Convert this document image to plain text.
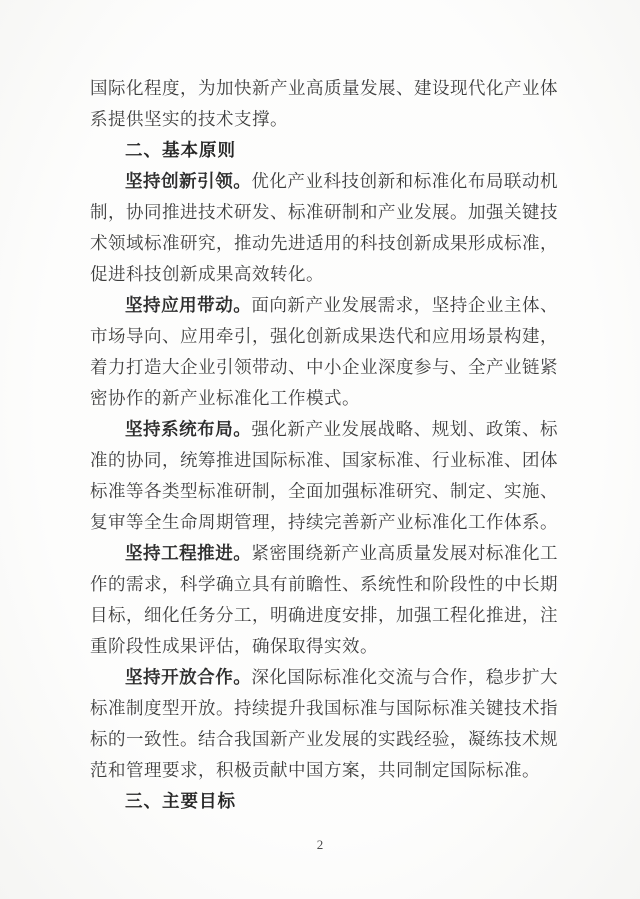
国际化程度，为加快新产业高质量发展、建设现代化产业体系提供坚实的技术支撑。

二、基本原则

坚持创新引领。优化产业科技创新和标准化布局联动机制，协同推进技术研发、标准研制和产业发展。加强关键技术领域标准研究，推动先进适用的科技创新成果形成标准，促进科技创新成果高效转化。

坚持应用带动。面向新产业发展需求，坚持企业主体、市场导向、应用牵引，强化创新成果迭代和应用场景构建，着力打造大企业引领带动、中小企业深度参与、全产业链紧密协作的新产业标准化工作模式。

坚持系统布局。强化新产业发展战略、规划、政策、标准的协同，统筹推进国际标准、国家标准、行业标准、团体标准等各类型标准研制，全面加强标准研究、制定、实施、复审等全生命周期管理，持续完善新产业标准化工作体系。

坚持工程推进。紧密围绕新产业高质量发展对标准化工作的需求，科学确立具有前瞻性、系统性和阶段性的中长期目标，细化任务分工，明确进度安排，加强工程化推进，注重阶段性成果评估，确保取得实效。

坚持开放合作。深化国际标准化交流与合作，稳步扩大标准制度型开放。持续提升我国标准与国际标准关键技术指标的一致性。结合我国新产业发展的实践经验，凝练技术规范和管理要求，积极贡献中国方案，共同制定国际标准。

三、主要目标
2
